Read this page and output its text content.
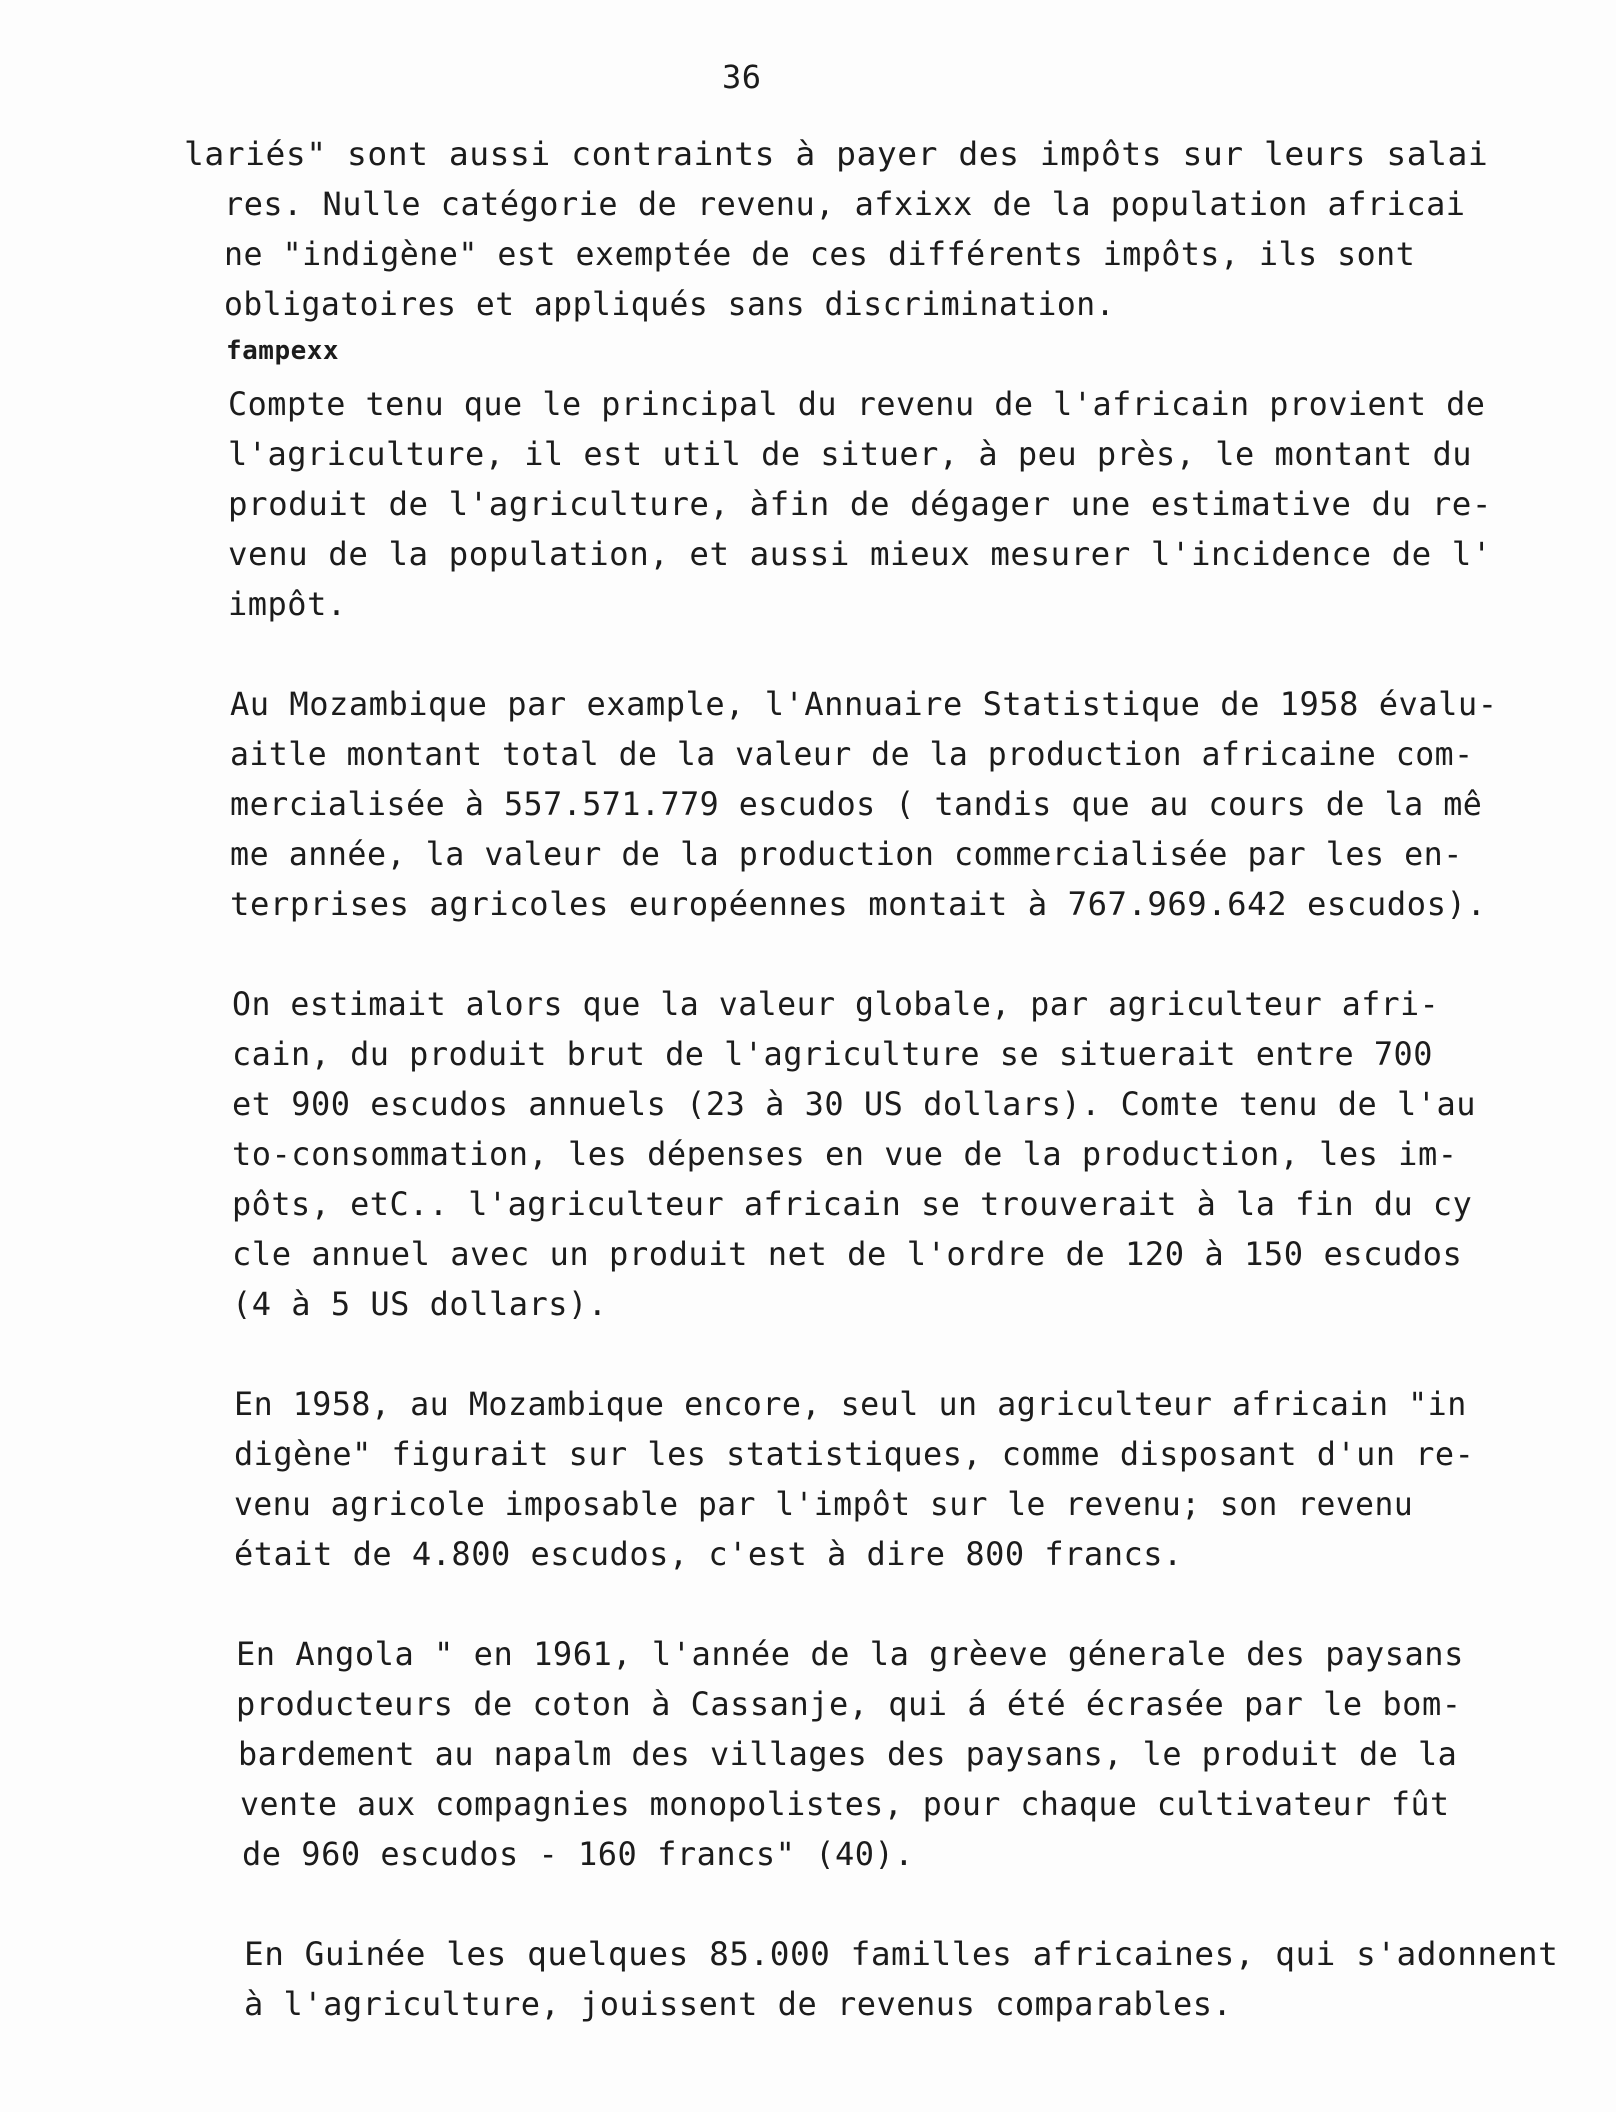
36
lariés" sont aussi contraints à payer des impôts sur leurs salai
res. Nulle catégorie de revenu, afxixx de la population africai
ne "indigène" est exemptée de ces différents impôts, ils sont
obligatoires et appliqués sans discrimination.
fampexx
Compte tenu que le principal du revenu de l'africain provient de
l'agriculture, il est util de situer, à peu près, le montant du
produit de l'agriculture, àfin de dégager une estimative du re-
venu de la population, et aussi mieux mesurer l'incidence de l'
impôt.
Au Mozambique par example, l'Annuaire Statistique de 1958 évalu-
aitle montant total de la valeur de la production africaine com-
mercialisée à 557.571.779 escudos ( tandis que au cours de la mê
me année, la valeur de la production commercialisée par les en-
terprises agricoles européennes montait à 767.969.642 escudos).
On estimait alors que la valeur globale, par agriculteur afri-
cain, du produit brut de l'agriculture se situerait entre 700
et 900 escudos annuels (23 à 30 US dollars). Comte tenu de l'au
to-consommation, les dépenses en vue de la production, les im-
pôts, etC.. l'agriculteur africain se trouverait à la fin du cy
cle annuel avec un produit net de l'ordre de 120 à 150 escudos
(4 à 5 US dollars).
En 1958, au Mozambique encore, seul un agriculteur africain "in
digène" figurait sur les statistiques, comme disposant d'un re-
venu agricole imposable par l'impôt sur le revenu; son revenu
était de 4.800 escudos, c'est à dire 800 francs.
En Angola " en 1961, l'année de la grèeve génerale des paysans
producteurs de coton à Cassanje, qui á été écrasée par le bom-
bardement au napalm des villages des paysans, le produit de la
vente aux compagnies monopolistes, pour chaque cultivateur fût
de 960 escudos - 160 francs" (40).
En Guinée les quelques 85.000 familles africaines, qui s'adonnent
à l'agriculture, jouissent de revenus comparables.
